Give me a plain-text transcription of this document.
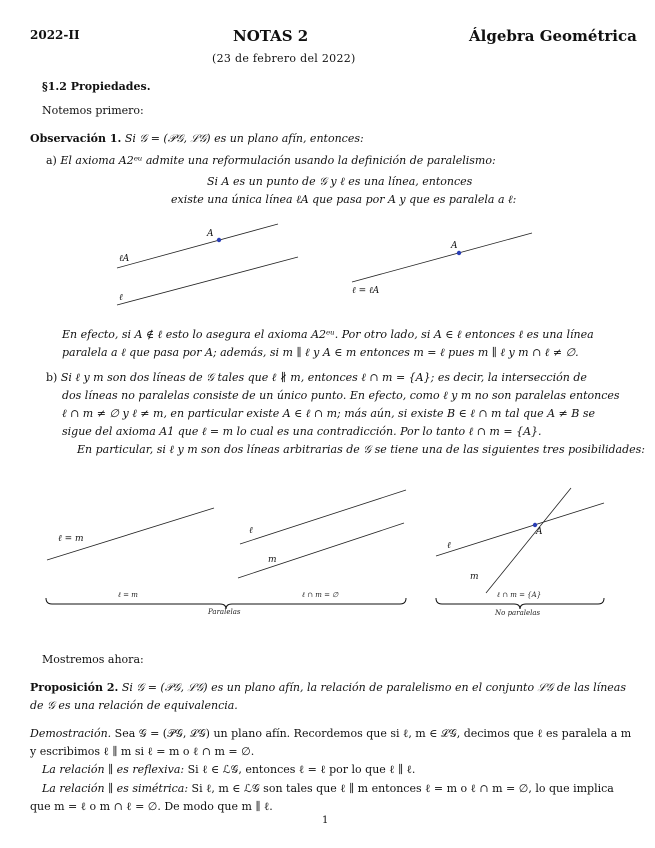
2022-II	NOTAS 2	Álgebra Geométrica
(23 de febrero del 2022)
§1.2 Propiedades.
Notemos primero:
Observación 1. Si 𝒢 = (𝒫𝒢, ℒ𝒢) es un plano afín, entonces:
a) El axioma A2ᵉᵘ admite una reformulación usando la definición de paralelismo:
Si A es un punto de 𝒢 y ℓ es una línea, entonces
existe una única línea ℓA que pasa por A y que es paralela a ℓ:
A
ℓA
ℓ
A
ℓ = ℓA
En efecto, si A ∉ ℓ esto lo asegura el axioma A2ᵉᵘ. Por otro lado, si A ∈ ℓ entonces ℓ es una línea
paralela a ℓ que pasa por A; además, si m ∥ ℓ y A ∈ m entonces m = ℓ pues m ∥ ℓ y m ∩ ℓ ≠ ∅.
b) Si ℓ y m son dos líneas de 𝒢 tales que ℓ ∦ m, entonces ℓ ∩ m = {A}; es decir, la intersección de
dos líneas no paralelas consiste de un único punto. En efecto, como ℓ y m no son paralelas entonces
ℓ ∩ m ≠ ∅ y ℓ ≠ m, en particular existe A ∈ ℓ ∩ m; más aún, si existe B ∈ ℓ ∩ m tal que A ≠ B se
sigue del axioma A1 que ℓ = m lo cual es una contradicción. Por lo tanto ℓ ∩ m = {A}.
En particular, si ℓ y m son dos líneas arbitrarias de 𝒢 se tiene una de las siguientes tres posibilidades:
ℓ = m
ℓ = m
ℓ
m
ℓ ∩ m = ∅
Paralelas
ℓ
m
A
ℓ ∩ m = {A}
No paralelas
Mostremos ahora:
Proposición 2. Si 𝒢 = (𝒫𝒢, ℒ𝒢) es un plano afín, la relación de paralelismo en el conjunto ℒ𝒢 de las líneas
de 𝒢 es una relación de equivalencia.
Demostración. Sea 𝒢 = (𝒫𝒢, ℒ𝒢) un plano afín. Recordemos que si ℓ, m ∈ ℒ𝒢, decimos que ℓ es paralela a m
y escribimos ℓ ∥ m si ℓ = m o ℓ ∩ m = ∅.
La relación ∥ es reflexiva: Si ℓ ∈ ℒ𝒢, entonces ℓ = ℓ por lo que ℓ ∥ ℓ.
La relación ∥ es simétrica: Si ℓ, m ∈ ℒ𝒢 son tales que ℓ ∥ m entonces ℓ = m o ℓ ∩ m = ∅, lo que implica
que m = ℓ o m ∩ ℓ = ∅. De modo que m ∥ ℓ.
1
